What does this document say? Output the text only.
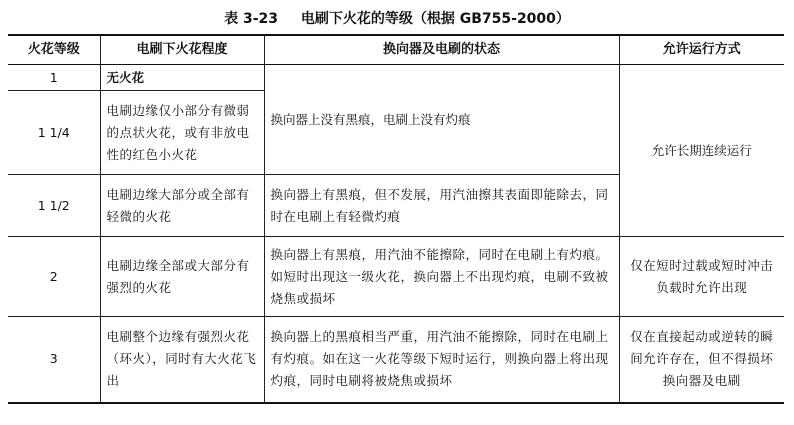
表 3-23 电刷下火花的等级（根据 GB755-2000）
火花等级	电刷下火花程度	换向器及电刷的状态	允许运行方式
1	无火花	换向器上没有黑痕，电刷上没有灼痕	允许长期连续运行
1 1/4	电刷边缘仅小部分有微弱的点状火花，或有非放电性的红色小火花		
1 1/2	电刷边缘大部分或全部有轻微的火花	换向器上有黑痕，但不发展，用汽油擦其表面即能除去，同时在电刷上有轻微灼痕	
2	电刷边缘全部或大部分有强烈的火花	换向器上有黑痕，用汽油不能擦除，同时在电刷上有灼痕。如短时出现这一级火花，换向器上不出现灼痕，电刷不致被烧焦或损坏	仅在短时过载或短时冲击负载时允许出现
3	电刷整个边缘有强烈火花（环火），同时有大火花飞出	换向器上的黑痕相当严重，用汽油不能擦除，同时在电刷上有灼痕。如在这一火花等级下短时运行，则换向器上将出现灼痕，同时电刷将被烧焦或损坏	仅在直接起动或逆转的瞬间允许存在，但不得损坏换向器及电刷
